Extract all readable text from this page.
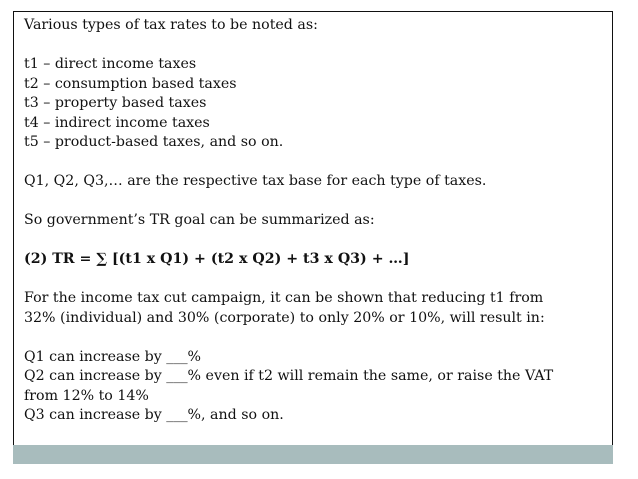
Various types of tax rates to be noted as:

t1 – direct income taxes

t2 – consumption based taxes

t3 – property based taxes

t4 – indirect income taxes

t5 – product-based taxes, and so on.

Q1, Q2, Q3,… are the respective tax base for each type of taxes.

So government’s TR goal can be summarized as:

(2) TR = ∑ [(t1 x Q1) + (t2 x Q2) + t3 x Q3) + …]

For the income tax cut campaign, it can be shown that reducing t1 from

32% (individual) and 30% (corporate) to only 20% or 10%, will result in:

Q1 can increase by ___%

Q2 can increase by ___% even if t2 will remain the same, or raise the VAT

from 12% to 14%

Q3 can increase by ___%, and so on.
